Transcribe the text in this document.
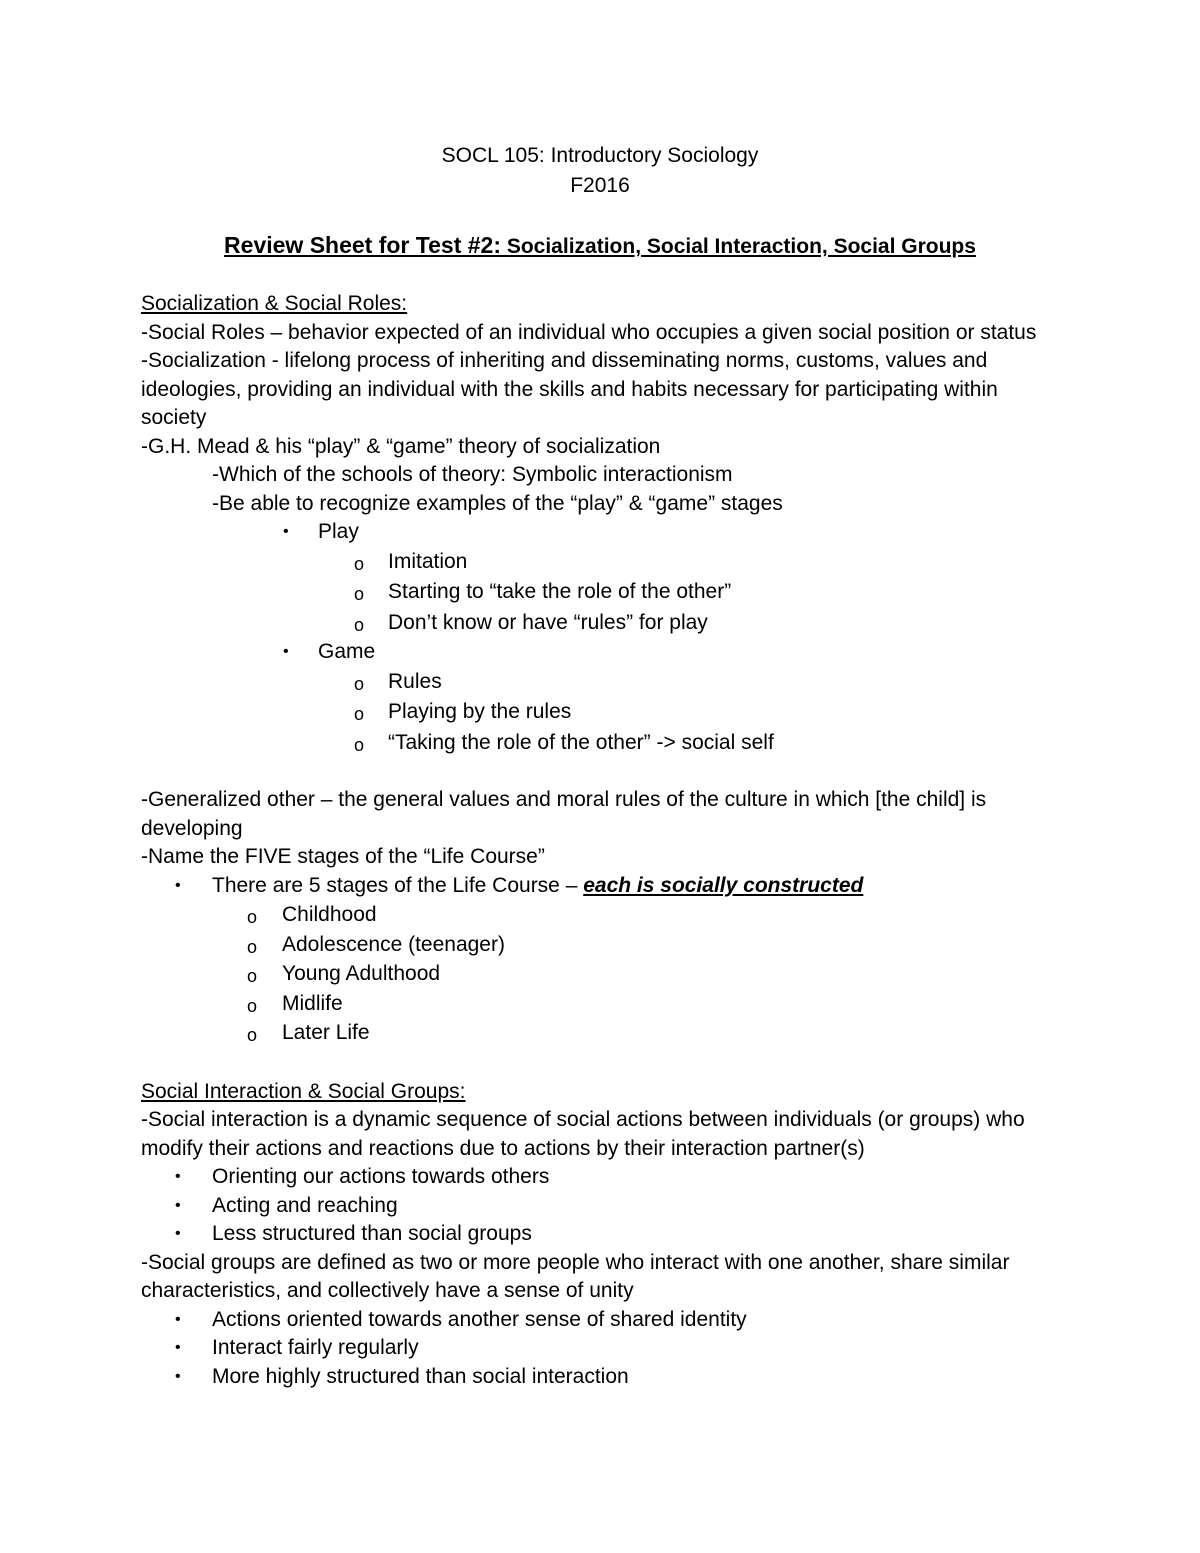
SOCL 105: Introductory Sociology
F2016
Review Sheet for Test #2: Socialization, Social Interaction, Social Groups

Socialization & Social Roles:

-Social Roles – behavior expected of an individual who occupies a given social position or status

-Socialization - lifelong process of inheriting and disseminating norms, customs, values and ideologies, providing an individual with the skills and habits necessary for participating within society

-G.H. Mead & his “play” & “game” theory of socialization

-Which of the schools of theory: Symbolic interactionism

-Be able to recognize examples of the “play” & “game” stages

• Play

o Imitation

o Starting to “take the role of the other”

o Don’t know or have “rules” for play

• Game

o Rules

o Playing by the rules

o “Taking the role of the other” -> social self

-Generalized other – the general values and moral rules of the culture in which [the child] is developing

-Name the FIVE stages of the “Life Course”

• There are 5 stages of the Life Course – each is socially constructed

o Childhood

o Adolescence (teenager)

o Young Adulthood

o Midlife

o Later Life

Social Interaction & Social Groups:

-Social interaction is a dynamic sequence of social actions between individuals (or groups) who modify their actions and reactions due to actions by their interaction partner(s)

• Orienting our actions towards others

• Acting and reaching

• Less structured than social groups

-Social groups are defined as two or more people who interact with one another, share similar characteristics, and collectively have a sense of unity

• Actions oriented towards another sense of shared identity

• Interact fairly regularly

• More highly structured than social interaction
